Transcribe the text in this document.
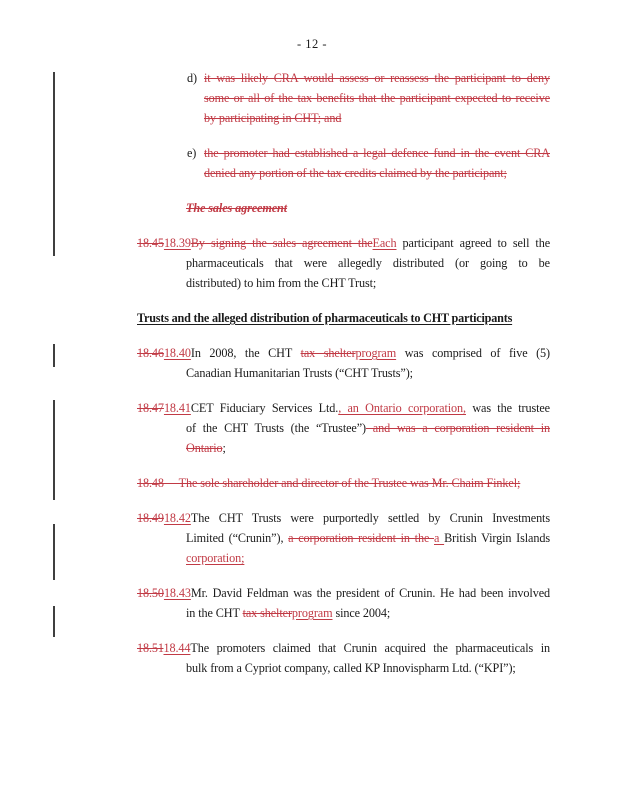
- 12 -
d) it was likely CRA would assess or reassess the participant to deny
some or all of the tax benefits that the participant expected to receive
by participating in CHT; and
e) the promoter had established a legal defence fund in the event CRA
denied any portion of the tax credits claimed by the participant;
The sales agreement
18.4518.39By signing the sales agreement theEach participant agreed to sell the
pharmaceuticals that were allegedly distributed (or going to be
distributed) to him from the CHT Trust;
Trusts and the alleged distribution of pharmaceuticals to CHT participants
18.4618.40In 2008, the CHT tax shelterprogram was comprised of five (5)
Canadian Humanitarian Trusts (“CHT Trusts”);
18.4718.41CET Fiduciary Services Ltd., an Ontario corporation, was the trustee
of the CHT Trusts (the “Trustee”) and was a corporation resident in
Ontario;
18.48     The sole shareholder and director of the Trustee was Mr. Chaim Finkel;
18.4918.42The CHT Trusts were purportedly settled by Crunin Investments
Limited (“Crunin”), a corporation resident in the a British Virgin Islands
corporation;
18.5018.43Mr. David Feldman was the president of Crunin. He had been involved
in the CHT tax shelterprogram since 2004;
18.5118.44The promoters claimed that Crunin acquired the pharmaceuticals in
bulk from a Cypriot company, called KP Innovispharm Ltd. (“KPI”);
